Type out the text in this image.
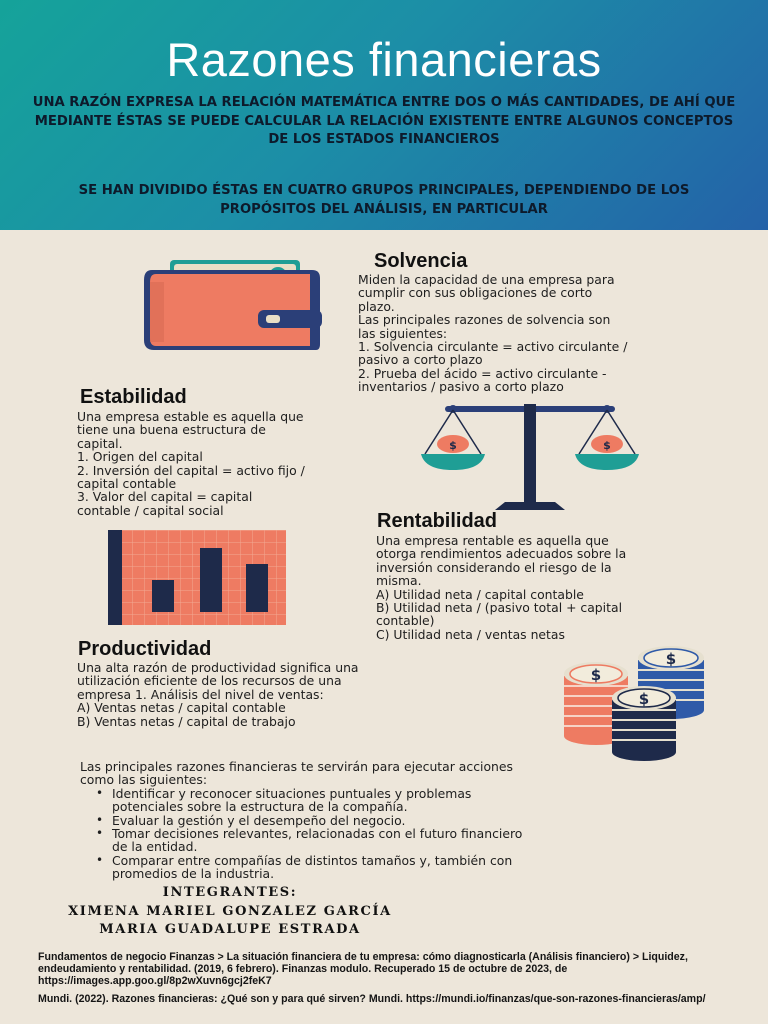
Razones financieras
UNA RAZÓN EXPRESA LA RELACIÓN MATEMÁTICA ENTRE DOS O MÁS CANTIDADES, DE AHÍ QUE MEDIANTE ÉSTAS SE PUEDE CALCULAR LA RELACIÓN EXISTENTE ENTRE ALGUNOS CONCEPTOS DE LOS ESTADOS FINANCIEROS
SE HAN DIVIDIDO ÉSTAS EN CUATRO GRUPOS PRINCIPALES, DEPENDIENDO DE LOS PROPÓSITOS DEL ANÁLISIS, EN PARTICULAR
Solvencia
Miden la capacidad de una empresa para
cumplir con sus obligaciones de corto
plazo.
Las principales razones de solvencia son
las siguientes:
1. Solvencia circulante = activo circulante /
pasivo a corto plazo
2. Prueba del ácido = activo circulante -
inventarios / pasivo a corto plazo
Estabilidad
Una empresa estable es aquella que
tiene una buena estructura de
capital.
1. Origen del capital
2. Inversión del capital = activo fijo /
capital contable
3. Valor del capital = capital
contable / capital social
$	$
Rentabilidad
Una empresa rentable es aquella que
otorga rendimientos adecuados sobre la
inversión considerando el riesgo de la
misma.
A) Utilidad neta / capital contable
B) Utilidad neta / (pasivo total + capital
contable)
C) Utilidad neta / ventas netas
Productividad
Una alta razón de productividad significa una
utilización eficiente de los recursos de una
empresa 1. Análisis del nivel de ventas:
A) Ventas netas / capital contable
B) Ventas netas / capital de trabajo
$
$
$
Las principales razones financieras te servirán para ejecutar acciones
como las siguientes:
• Identificar y reconocer situaciones puntuales y problemas
potenciales sobre la estructura de la compañía.
• Evaluar la gestión y el desempeño del negocio.
• Tomar decisiones relevantes, relacionadas con el futuro financiero
de la entidad.
• Comparar entre compañías de distintos tamaños y, también con
promedios de la industria.
INTEGRANTES:
XIMENA MARIEL GONZALEZ GARCÍA
MARIA GUADALUPE ESTRADA
Fundamentos de negocio Finanzas > La situación financiera de tu empresa: cómo diagnosticarla (Análisis financiero) > Liquidez, endeudamiento y rentabilidad. (2019, 6 febrero). Finanzas modulo. Recuperado 15 de octubre de 2023, de https://images.app.goo.gl/8p2wXuvn6gcj2feK7
Mundi. (2022). Razones financieras: ¿Qué son y para qué sirven? Mundi. https://mundi.io/finanzas/que-son-razones-financieras/amp/
